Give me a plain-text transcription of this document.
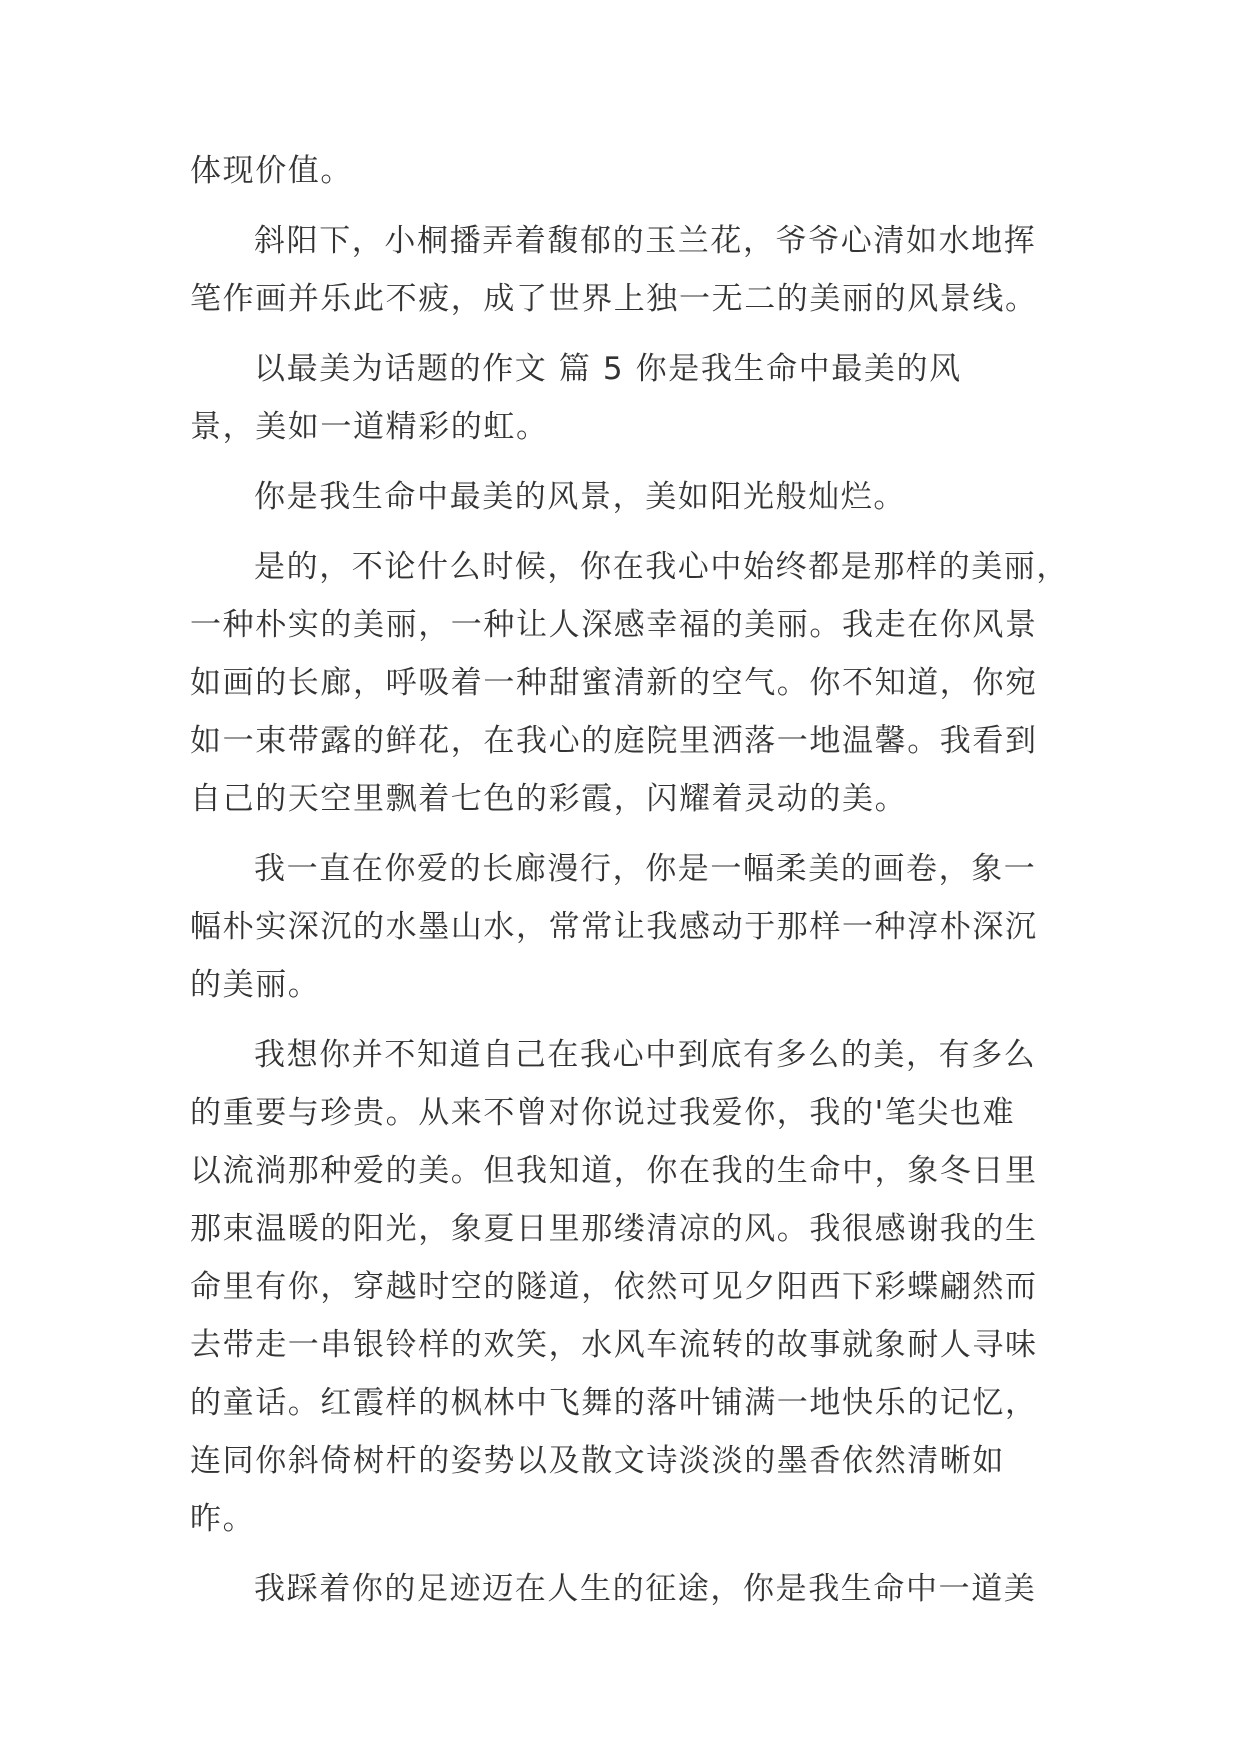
体现价值。

斜阳下，小桐播弄着馥郁的玉兰花，爷爷心清如水地挥

笔作画并乐此不疲，成了世界上独一无二的美丽的风景线。

以最美为话题的作文 篇 5 你是我生命中最美的风

景，美如一道精彩的虹。

你是我生命中最美的风景，美如阳光般灿烂。

是的，不论什么时候，你在我心中始终都是那样的美丽，

一种朴实的美丽，一种让人深感幸福的美丽。我走在你风景

如画的长廊，呼吸着一种甜蜜清新的空气。你不知道，你宛

如一束带露的鲜花，在我心的庭院里洒落一地温馨。我看到

自己的天空里飘着七色的彩霞，闪耀着灵动的美。

我一直在你爱的长廊漫行，你是一幅柔美的画卷，象一

幅朴实深沉的水墨山水，常常让我感动于那样一种淳朴深沉

的美丽。

我想你并不知道自己在我心中到底有多么的美，有多么

的重要与珍贵。从来不曾对你说过我爱你，我的'笔尖也难

以流淌那种爱的美。但我知道，你在我的生命中，象冬日里

那束温暖的阳光，象夏日里那缕清凉的风。我很感谢我的生

命里有你，穿越时空的隧道，依然可见夕阳西下彩蝶翩然而

去带走一串银铃样的欢笑，水风车流转的故事就象耐人寻味

的童话。红霞样的枫林中飞舞的落叶铺满一地快乐的记忆，

连同你斜倚树杆的姿势以及散文诗淡淡的墨香依然清晰如

昨。

我踩着你的足迹迈在人生的征途，你是我生命中一道美
